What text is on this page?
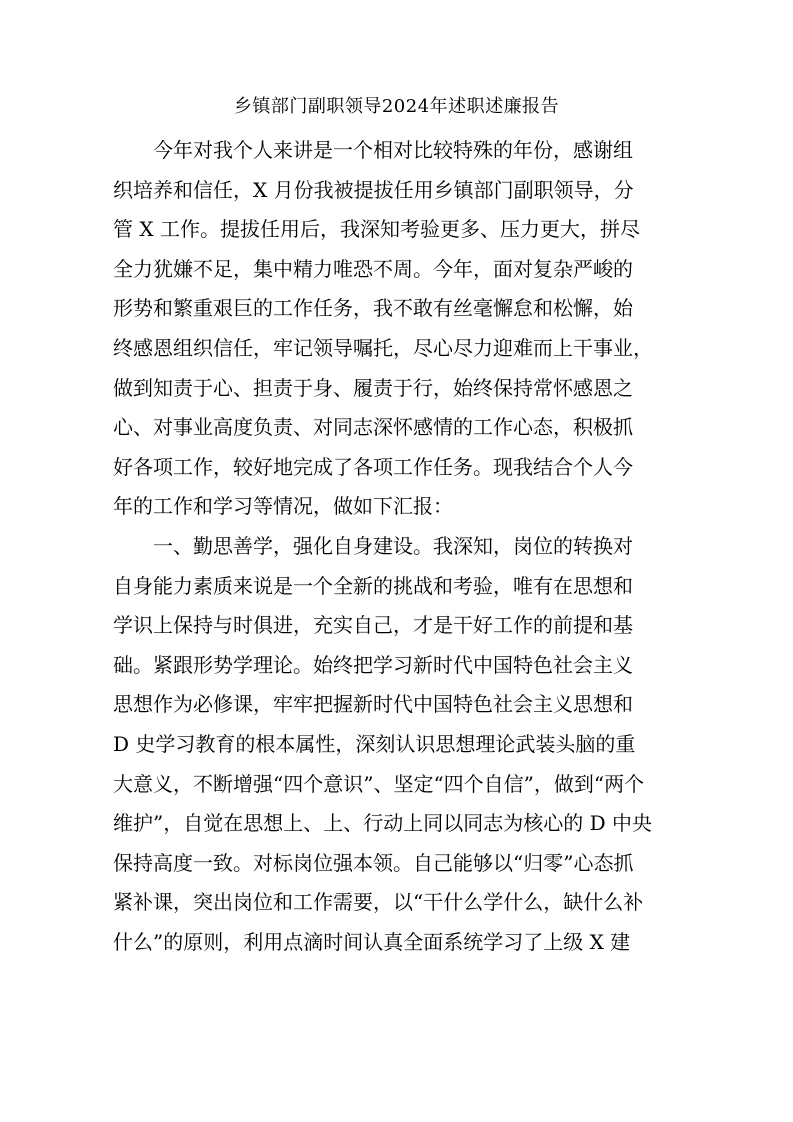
乡镇部门副职领导2024年述职述廉报告
今年对我个人来讲是一个相对比较特殊的年份，感谢组
织培养和信任，X 月份我被提拔任用乡镇部门副职领导，分
管 X 工作。提拔任用后，我深知考验更多、压力更大，拼尽
全力犹嫌不足，集中精力唯恐不周。今年，面对复杂严峻的
形势和繁重艰巨的工作任务，我不敢有丝毫懈怠和松懈，始
终感恩组织信任，牢记领导嘱托，尽心尽力迎难而上干事业，
做到知责于心、担责于身、履责于行，始终保持常怀感恩之
心、对事业高度负责、对同志深怀感情的工作心态，积极抓
好各项工作，较好地完成了各项工作任务。现我结合个人今
年的工作和学习等情况，做如下汇报：
一、勤思善学，强化自身建设。我深知，岗位的转换对
自身能力素质来说是一个全新的挑战和考验，唯有在思想和
学识上保持与时俱进，充实自己，才是干好工作的前提和基
础。紧跟形势学理论。始终把学习新时代中国特色社会主义
思想作为必修课，牢牢把握新时代中国特色社会主义思想和
D 史学习教育的根本属性，深刻认识思想理论武装头脑的重
大意义，不断增强“四个意识”、坚定“四个自信”，做到“两个
维护”，自觉在思想上、上、行动上同以同志为核心的 D 中央
保持高度一致。对标岗位强本领。自己能够以“归零”心态抓
紧补课，突出岗位和工作需要，以“干什么学什么，缺什么补
什么”的原则，利用点滴时间认真全面系统学习了上级 X 建
